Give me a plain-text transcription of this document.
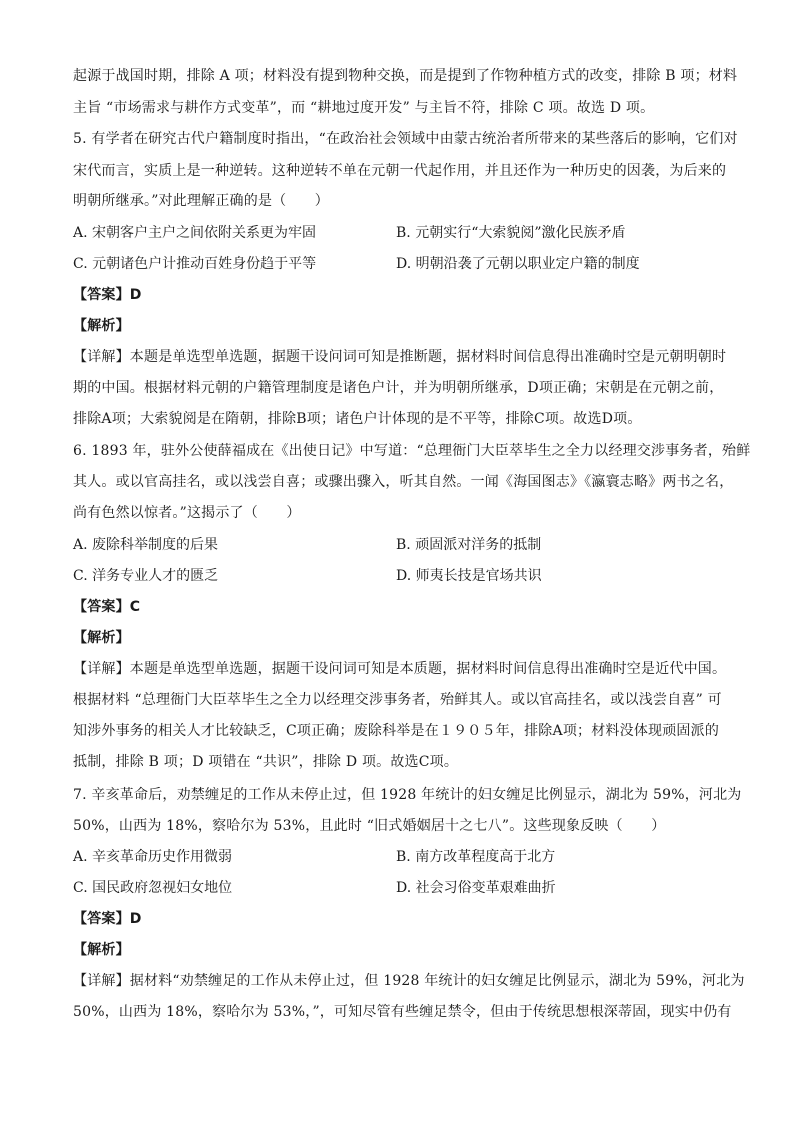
起源于战国时期，排除 A 项；材料没有提到物种交换，而是提到了作物种植方式的改变，排除 B 项；材料
主旨 “市场需求与耕作方式变革”，而 “耕地过度开发” 与主旨不符，排除 C 项。故选 D 项。
5. 有学者在研究古代户籍制度时指出，“在政治社会领域中由蒙古统治者所带来的某些落后的影响，它们对
宋代而言，实质上是一种逆转。这种逆转不单在元朝一代起作用，并且还作为一种历史的因袭，为后来的
明朝所继承。”对此理解正确的是（　　）
A. 宋朝客户主户之间依附关系更为牢固	B. 元朝实行“大索貌阅”激化民族矛盾
C. 元朝诸色户计推动百姓身份趋于平等	D. 明朝沿袭了元朝以职业定户籍的制度
【答案】D
【解析】
【详解】本题是单选型单选题，据题干设问词可知是推断题，据材料时间信息得出准确时空是元朝明朝时
期的中国。根据材料元朝的户籍管理制度是诸色户计，并为明朝所继承，D项正确；宋朝是在元朝之前，
排除A项；大索貌阅是在隋朝，排除B项；诸色户计体现的是不平等，排除C项。故选D项。
6. 1893 年，驻外公使薛福成在《出使日记》中写道：“总理衙门大臣萃毕生之全力以经理交涉事务者，殆鲜
其人。或以官高挂名，或以浅尝自喜；或骤出骤入，听其自然。一闻《海国图志》《瀛寰志略》两书之名，
尚有色然以惊者。”这揭示了（　　）
A. 废除科举制度的后果	B. 顽固派对洋务的抵制
C. 洋务专业人才的匮乏	D. 师夷长技是官场共识
【答案】C
【解析】
【详解】本题是单选型单选题，据题干设问词可知是本质题，据材料时间信息得出准确时空是近代中国。
根据材料 “总理衙门大臣萃毕生之全力以经理交涉事务者，殆鲜其人。或以官高挂名，或以浅尝自喜” 可
知涉外事务的相关人才比较缺乏，C项正确；废除科举是在１９０５年，排除A项；材料没体现顽固派的
抵制，排除 B 项；D 项错在 “共识”，排除 D 项。故选C项。
7. 辛亥革命后，劝禁缠足的工作从未停止过，但 1928 年统计的妇女缠足比例显示，湖北为 59%，河北为
50%，山西为 18%，察哈尔为 53%，且此时 “旧式婚姻居十之七八”。这些现象反映（　　）
A. 辛亥革命历史作用微弱	B. 南方改革程度高于北方
C. 国民政府忽视妇女地位	D. 社会习俗变革艰难曲折
【答案】D
【解析】
【详解】据材料“劝禁缠足的工作从未停止过，但 1928 年统计的妇女缠足比例显示，湖北为 59%，河北为
50%，山西为 18%，察哈尔为 53%，”，可知尽管有些缠足禁令，但由于传统思想根深蒂固，现实中仍有
